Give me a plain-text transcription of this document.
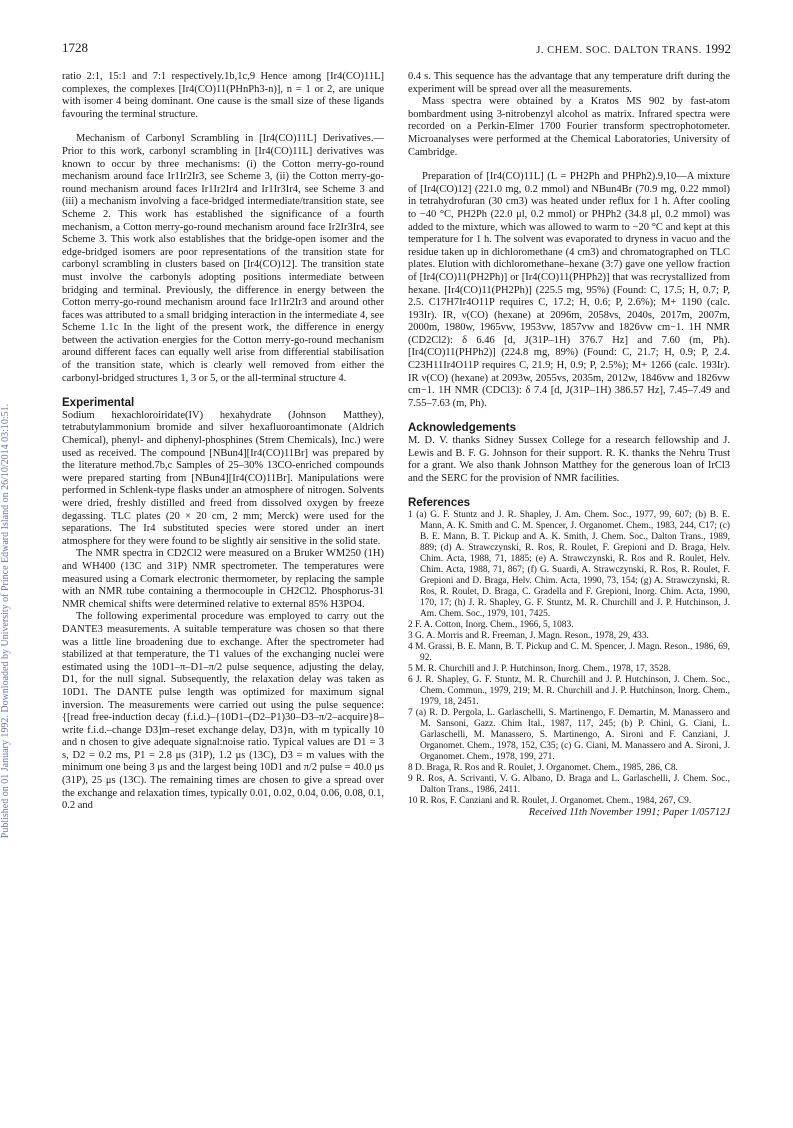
1728	J. CHEM. SOC. DALTON TRANS. 1992
Published on 01 January 1992. Downloaded by University of Prince Edward Island on 26/10/2014 03:10:51.

ratio 2:1, 15:1 and 7:1 respectively.1b,1c,9 Hence among [Ir4(CO)11L] complexes, the complexes [Ir4(CO)11(PHnPh3-n)], n = 1 or 2, are unique with isomer 4 being dominant. One cause is the small size of these ligands favouring the terminal structure.

Mechanism of Carbonyl Scrambling in [Ir4(CO)11L] Derivatives.—Prior to this work, carbonyl scrambling in [Ir4(CO)11L] derivatives was known to occur by three mechanisms: (i) the Cotton merry-go-round mechanism around face Ir1Ir2Ir3, see Scheme 3, (ii) the Cotton merry-go-round mechanism around faces Ir1Ir2Ir4 and Ir1Ir3Ir4, see Scheme 3 and (iii) a mechanism involving a face-bridged intermediate/transition state, see Scheme 2. This work has established the significance of a fourth mechanism, a Cotton merry-go-round mechanism around face Ir2Ir3Ir4, see Scheme 3. This work also establishes that the bridge-open isomer and the edge-bridged isomers are poor representations of the transition state for carbonyl scrambling in clusters based on [Ir4(CO)12]. The transition state must involve the carbonyls adopting positions intermediate between bridging and terminal. Previously, the difference in energy between the Cotton merry-go-round mechanism around face Ir1Ir2Ir3 and around other faces was attributed to a small bridging interaction in the intermediate 4, see Scheme 1.1c In the light of the present work, the difference in energy between the activation energies for the Cotton merry-go-round mechanism around different faces can equally well arise from differential stabilisation of the transition state, which is clearly well removed from either the carbonyl-bridged structures 1, 3 or 5, or the all-terminal structure 4.

Experimental

Sodium hexachloroiridate(IV) hexahydrate (Johnson Matthey), tetrabutylammonium bromide and silver hexafluoroantimonate (Aldrich Chemical), phenyl- and diphenyl-phosphines (Strem Chemicals), Inc.) were used as received. The compound [NBun4][Ir4(CO)11Br] was prepared by the literature method.7b,c Samples of 25–30% 13CO-enriched compounds were prepared starting from [NBun4][Ir4(CO)11Br]. Manipulations were performed in Schlenk-type flasks under an atmosphere of nitrogen. Solvents were dried, freshly distilled and freed from dissolved oxygen by freeze degassing. TLC plates (20 × 20 cm, 2 mm; Merck) were used for the separations. The Ir4 substituted species were stored under an inert atmosphere for they were found to be slightly air sensitive in the solid state.

The NMR spectra in CD2Cl2 were measured on a Bruker WM250 (1H) and WH400 (13C and 31P) NMR spectrometer. The temperatures were measured using a Comark electronic thermometer, by replacing the sample with an NMR tube containing a thermocouple in CH2Cl2. Phosphorus-31 NMR chemical shifts were determined relative to external 85% H3PO4.

The following experimental procedure was employed to carry out the DANTE3 measurements. A suitable temperature was chosen so that there was a little line broadening due to exchange. After the spectrometer had stabilized at that temperature, the T1 values of the exchanging nuclei were estimated using the 10D1–π–D1–π/2 pulse sequence, adjusting the delay, D1, for the null signal. Subsequently, the relaxation delay was taken as 10D1. The DANTE pulse length was optimized for maximum signal inversion. The measurements were carried out using the pulse sequence: {[read free-induction decay (f.i.d.)–{10D1–(D2–P1)30–D3–π/2–acquire}8–write f.i.d.–change D3]m–reset exchange delay, D3}n, with m typically 10 and n chosen to give adequate signal:noise ratio. Typical values are D1 = 3 s, D2 = 0.2 ms, P1 = 2.8 μs (31P), 1.2 μs (13C), D3 = m values with the minimum one being 3 μs and the largest being 10D1 and π/2 pulse = 40.0 μs (31P), 25 μs (13C). The remaining times are chosen to give a spread over the exchange and relaxation times, typically 0.01, 0.02, 0.04, 0.06, 0.08, 0.1, 0.2 and

0.4 s. This sequence has the advantage that any temperature drift during the experiment will be spread over all the measurements.

Mass spectra were obtained by a Kratos MS 902 by fast-atom bombardment using 3-nitrobenzyl alcohol as matrix. Infrared spectra were recorded on a Perkin-Elmer 1700 Fourier transform spectrophotometer. Microanalyses were performed at the Chemical Laboratories, University of Cambridge.

Preparation of [Ir4(CO)11L] (L = PH2Ph and PHPh2).9,10—A mixture of [Ir4(CO)12] (221.0 mg, 0.2 mmol) and NBun4Br (70.9 mg, 0.22 mmol) in tetrahydrofuran (30 cm3) was heated under reflux for 1 h. After cooling to −40 °C, PH2Ph (22.0 μl, 0.2 mmol) or PHPh2 (34.8 μl, 0.2 mmol) was added to the mixture, which was allowed to warm to −20 °C and kept at this temperature for 1 h. The solvent was evaporated to dryness in vacuo and the residue taken up in dichloromethane (4 cm3) and chromatographed on TLC plates. Elution with dichloromethane–hexane (3:7) gave one yellow fraction of [Ir4(CO)11(PH2Ph)] or [Ir4(CO)11(PHPh2)] that was recrystallized from hexane. [Ir4(CO)11(PH2Ph)] (225.5 mg, 95%) (Found: C, 17.5; H, 0.7; P, 2.5. C17H7Ir4O11P requires C, 17.2; H, 0.6; P, 2.6%); M+ 1190 (calc. 193Ir). IR, ν(CO) (hexane) at 2096m, 2058vs, 2040s, 2017m, 2007m, 2000m, 1980w, 1965vw, 1953vw, 1857vw and 1826vw cm−1. 1H NMR (CD2Cl2): δ 6.46 [d, J(31P–1H) 376.7 Hz] and 7.60 (m, Ph). [Ir4(CO)11(PHPh2)] (224.8 mg, 89%) (Found: C, 21.7; H, 0.9; P, 2.4. C23H11Ir4O11P requires C, 21.9; H, 0.9; P, 2.5%); M+ 1266 (calc. 193Ir). IR ν(CO) (hexane) at 2093w, 2055vs, 2035m, 2012w, 1846vw and 1826vw cm−1. 1H NMR (CDCl3): δ 7.4 [d, J(31P–1H) 386.57 Hz], 7.45–7.49 and 7.55–7.63 (m, Ph).

Acknowledgements

M. D. V. thanks Sidney Sussex College for a research fellowship and J. Lewis and B. F. G. Johnson for their support. R. K. thanks the Nehru Trust for a grant. We also thank Johnson Matthey for the generous loan of IrCl3 and the SERC for the provision of NMR facilities.

References

1 (a) G. F. Stuntz and J. R. Shapley, J. Am. Chem. Soc., 1977, 99, 607; (b) B. E. Mann, A. K. Smith and C. M. Spencer, J. Organomet. Chem., 1983, 244, C17; (c) B. E. Mann, B. T. Pickup and A. K. Smith, J. Chem. Soc., Dalton Trans., 1989, 889; (d) A. Strawczynski, R. Ros, R. Roulet, F. Grepioni and D. Braga, Helv. Chim. Acta, 1988, 71, 1885; (e) A. Strawczynski, R. Ros and R. Roulet, Helv. Chim. Acta, 1988, 71, 867; (f) G. Suardi, A. Strawczynski, R. Ros, R. Roulet, F. Grepioni and D. Braga, Helv. Chim. Acta, 1990, 73, 154; (g) A. Strawczynski, R. Ros, R. Roulet, D. Braga, C. Gradella and F. Grepioni, Inorg. Chim. Acta, 1990, 170, 17; (h) J. R. Shapley, G. F. Stuntz, M. R. Churchill and J. P. Hutchinson, J. Am. Chem. Soc., 1979, 101, 7425.

2 F. A. Cotton, Inorg. Chem., 1966, 5, 1083.

3 G. A. Morris and R. Freeman, J. Magn. Reson., 1978, 29, 433.

4 M. Grassi, B. E. Mann, B. T. Pickup and C. M. Spencer, J. Magn. Reson., 1986, 69, 92.

5 M. R. Churchill and J. P. Hutchinson, Inorg. Chem., 1978, 17, 3528.

6 J. R. Shapley, G. F. Stuntz, M. R. Churchill and J. P. Hutchinson, J. Chem. Soc., Chem. Commun., 1979, 219; M. R. Churchill and J. P. Hutchinson, Inorg. Chem., 1979, 18, 2451.

7 (a) R. D. Pergola, L. Garlaschelli, S. Martinengo, F. Demartin, M. Manassero and M. Sansoni, Gazz. Chim Ital., 1987, 117, 245; (b) P. Chini, G. Ciani, L. Garlaschelli, M. Manassero, S. Martinengo, A. Sironi and F. Canziani, J. Organomet. Chem., 1978, 152, C35; (c) G. Ciani, M. Manassero and A. Sironi, J. Organomet. Chem., 1978, 199, 271.

8 D. Braga, R. Ros and R. Roulet, J. Organomet. Chem., 1985, 286, C8.

9 R. Ros, A. Scrivanti, V. G. Albano, D. Braga and L. Garlaschelli, J. Chem. Soc., Dalton Trans., 1986, 2411.

10 R. Ros, F. Canziani and R. Roulet, J. Organomet. Chem., 1984, 267, C9.

Received 11th November 1991; Paper 1/05712J
